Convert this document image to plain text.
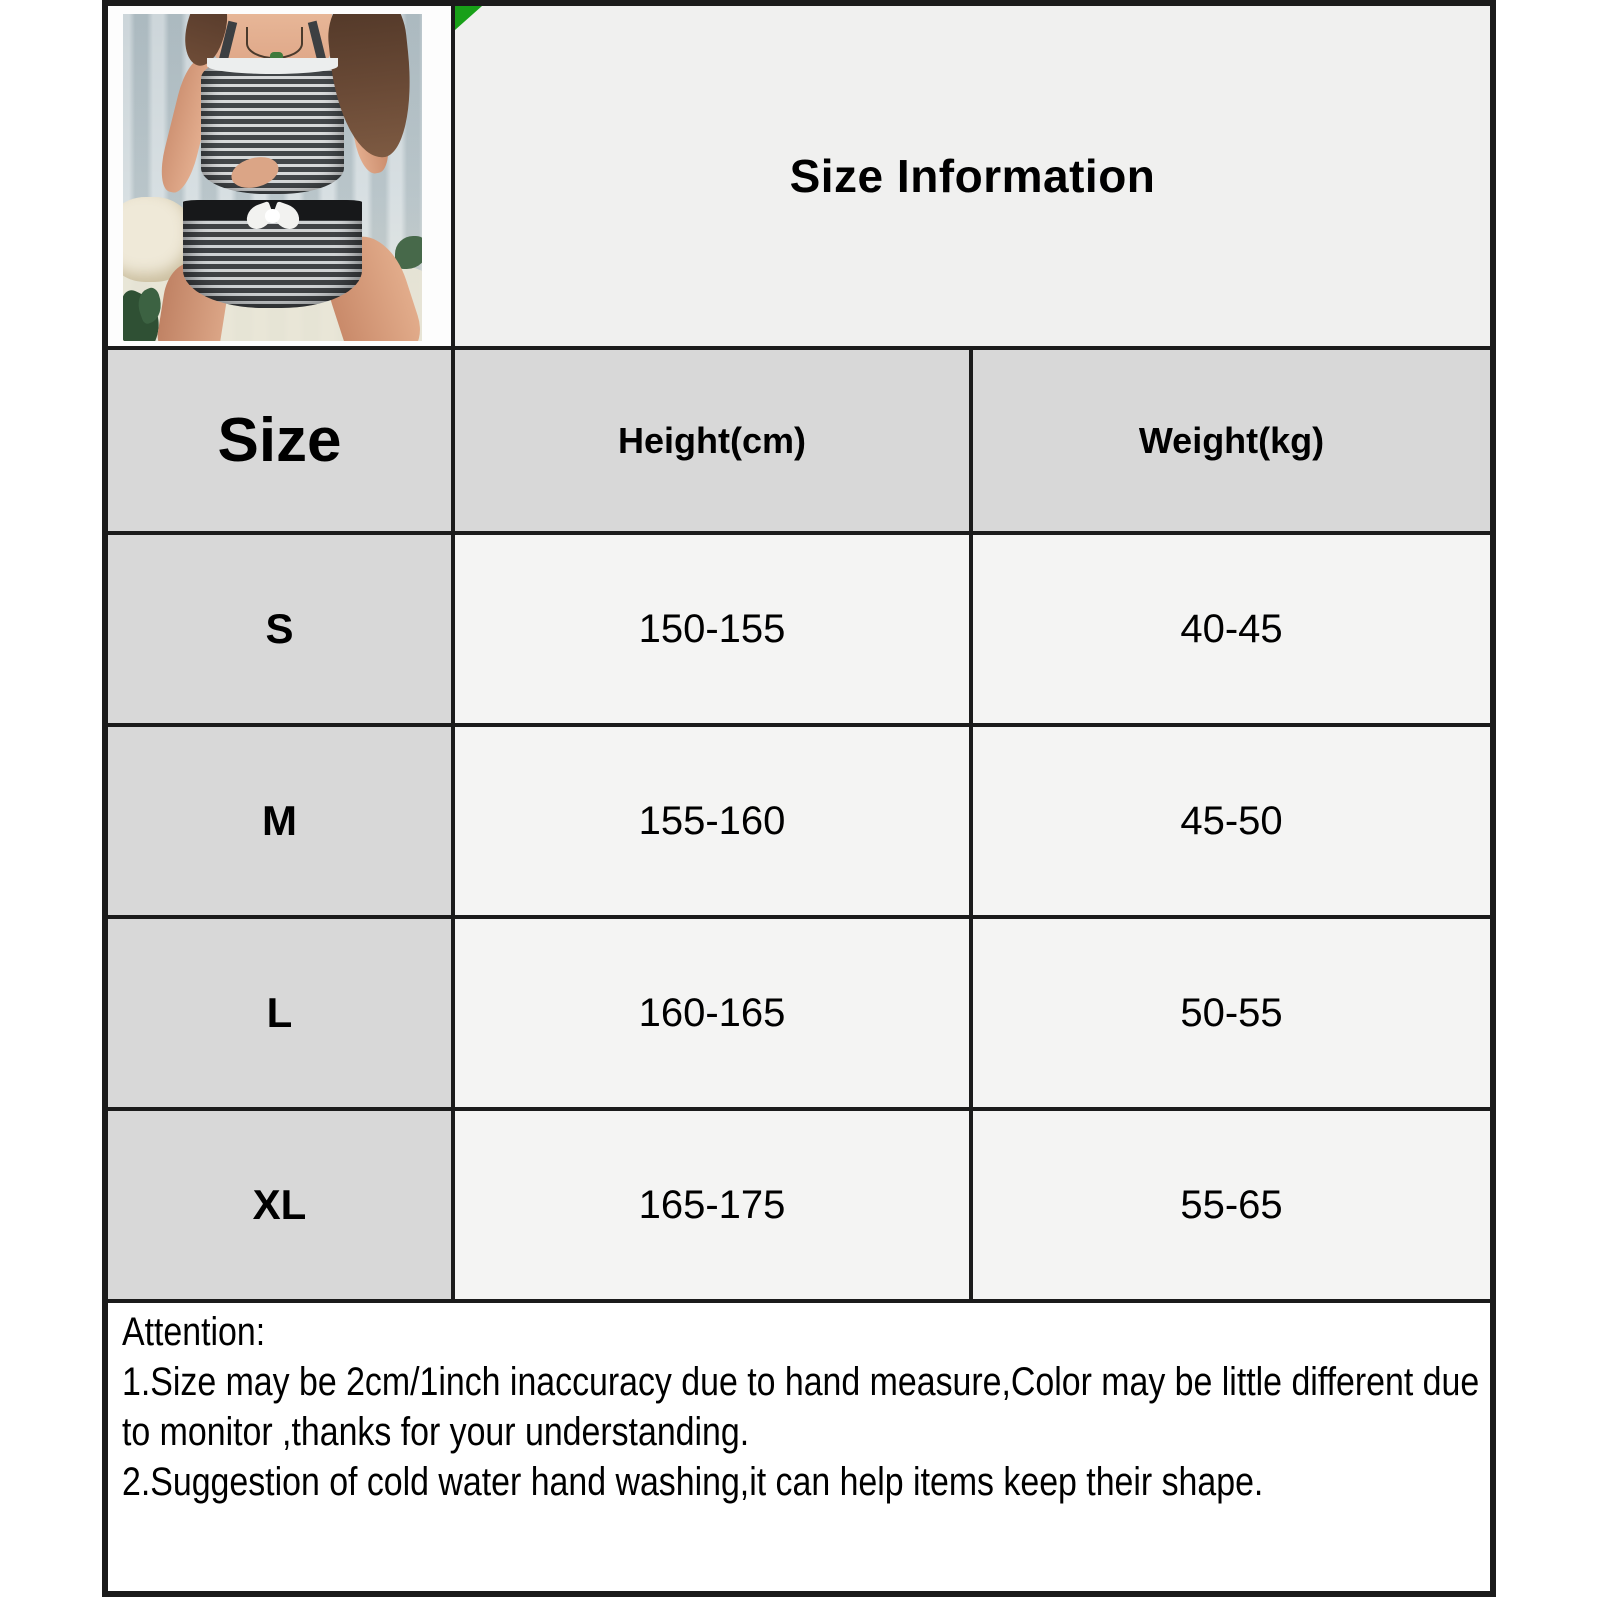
Size Information	
Size	Height(cm)	Weight(kg)
S	150-155	40-45
M	155-160	45-50
L	160-165	50-55
XL	165-175	55-65

Attention:

1.Size may be 2cm/1inch inaccuracy due to hand measure,Color may be little different due to monitor ,thanks for your understanding.

2.Suggestion of cold water hand washing,it can help items keep their shape.		
